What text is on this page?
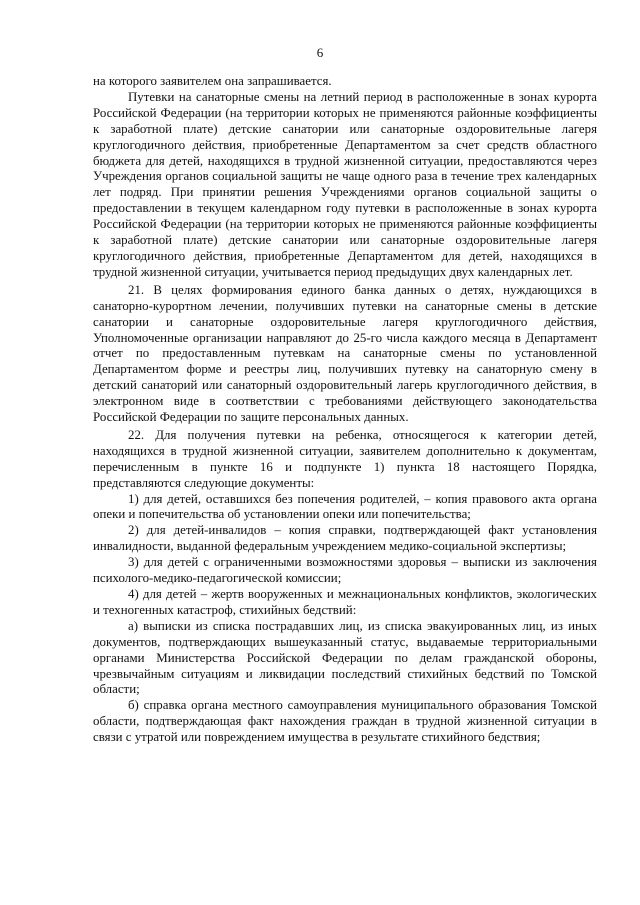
6

на которого заявителем она запрашивается.

Путевки на санаторные смены на летний период в расположенные в зонах курорта Российской Федерации (на территории которых не применяются районные коэффициенты к заработной плате) детские санатории или санаторные оздоровительные лагеря круглогодичного действия, приобретенные Департаментом за счет средств областного бюджета для детей, находящихся в трудной жизненной ситуации, предоставляются через Учреждения органов социальной защиты не чаще одного раза в течение трех календарных лет подряд. При принятии решения Учреждениями органов социальной защиты о предоставлении в текущем календарном году путевки в расположенные в зонах курорта Российской Федерации (на территории которых не применяются районные коэффициенты к заработной плате) детские санатории или санаторные оздоровительные лагеря круглогодичного действия, приобретенные Департаментом для детей, находящихся в трудной жизненной ситуации, учитывается период предыдущих двух календарных лет.

21. В целях формирования единого банка данных о детях, нуждающихся в санаторно-курортном лечении, получивших путевки на санаторные смены в детские санатории и санаторные оздоровительные лагеря круглогодичного действия, Уполномоченные организации направляют до 25-го числа каждого месяца в Департамент отчет по предоставленным путевкам на санаторные смены по установленной Департаментом форме и реестры лиц, получивших путевку на санаторную смену в детский санаторий или санаторный оздоровительный лагерь круглогодичного действия, в электронном виде в соответствии с требованиями действующего законодательства Российской Федерации по защите персональных данных.

22. Для получения путевки на ребенка, относящегося к категории детей, находящихся в трудной жизненной ситуации, заявителем дополнительно к документам, перечисленным в пункте 16 и подпункте 1) пункта 18 настоящего Порядка, представляются следующие документы:

1) для детей, оставшихся без попечения родителей, – копия правового акта органа опеки и попечительства об установлении опеки или попечительства;

2) для детей-инвалидов – копия справки, подтверждающей факт установления инвалидности, выданной федеральным учреждением медико-социальной экспертизы;

3) для детей с ограниченными возможностями здоровья – выписки из заключения психолого-медико-педагогической комиссии;

4) для детей – жертв вооруженных и межнациональных конфликтов, экологических и техногенных катастроф, стихийных бедствий:

а) выписки из списка пострадавших лиц, из списка эвакуированных лиц, из иных документов, подтверждающих вышеуказанный статус, выдаваемые территориальными органами Министерства Российской Федерации по делам гражданской обороны, чрезвычайным ситуациям и ликвидации последствий стихийных бедствий по Томской области;

б) справка органа местного самоуправления муниципального образования Томской области, подтверждающая факт нахождения граждан в трудной жизненной ситуации в связи с утратой или повреждением имущества в результате стихийного бедствия;
